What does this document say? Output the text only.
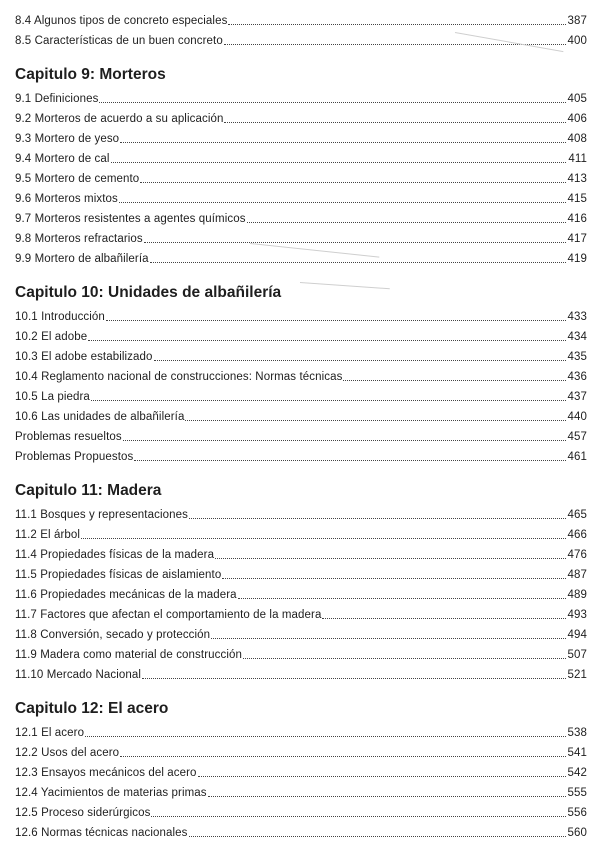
8.4 Algunos tipos de concreto especiales	387
8.5 Características de un buen concreto	400
Capitulo 9: Morteros
9.1 Definiciones	405
9.2 Morteros de acuerdo a su aplicación	406
9.3 Mortero de yeso	408
9.4 Mortero de cal	411
9.5 Mortero de cemento	413
9.6 Morteros mixtos	415
9.7 Morteros resistentes a agentes químicos	416
9.8 Morteros refractarios	417
9.9 Mortero de albañilería	419
Capitulo 10: Unidades de albañilería
10.1 Introducción	433
10.2 El adobe	434
10.3 El adobe estabilizado	435
10.4 Reglamento nacional de construcciones: Normas técnicas	436
10.5 La piedra	437
10.6 Las unidades de albañilería	440
Problemas resueltos	457
Problemas Propuestos	461
Capitulo 11: Madera
11.1 Bosques y representaciones	465
11.2 El árbol	466
11.4 Propiedades físicas de la madera	476
11.5 Propiedades físicas de aislamiento	487
11.6 Propiedades mecánicas de la madera	489
11.7 Factores que afectan el comportamiento de la madera	493
11.8 Conversión, secado y protección	494
11.9 Madera como material de construcción	507
11.10 Mercado Nacional	521
Capitulo 12: El acero
12.1 El acero	538
12.2 Usos del acero	541
12.3 Ensayos mecánicos del acero	542
12.4 Yacimientos de materias primas	555
12.5 Proceso siderúrgicos	556
12.6 Normas técnicas nacionales	560
